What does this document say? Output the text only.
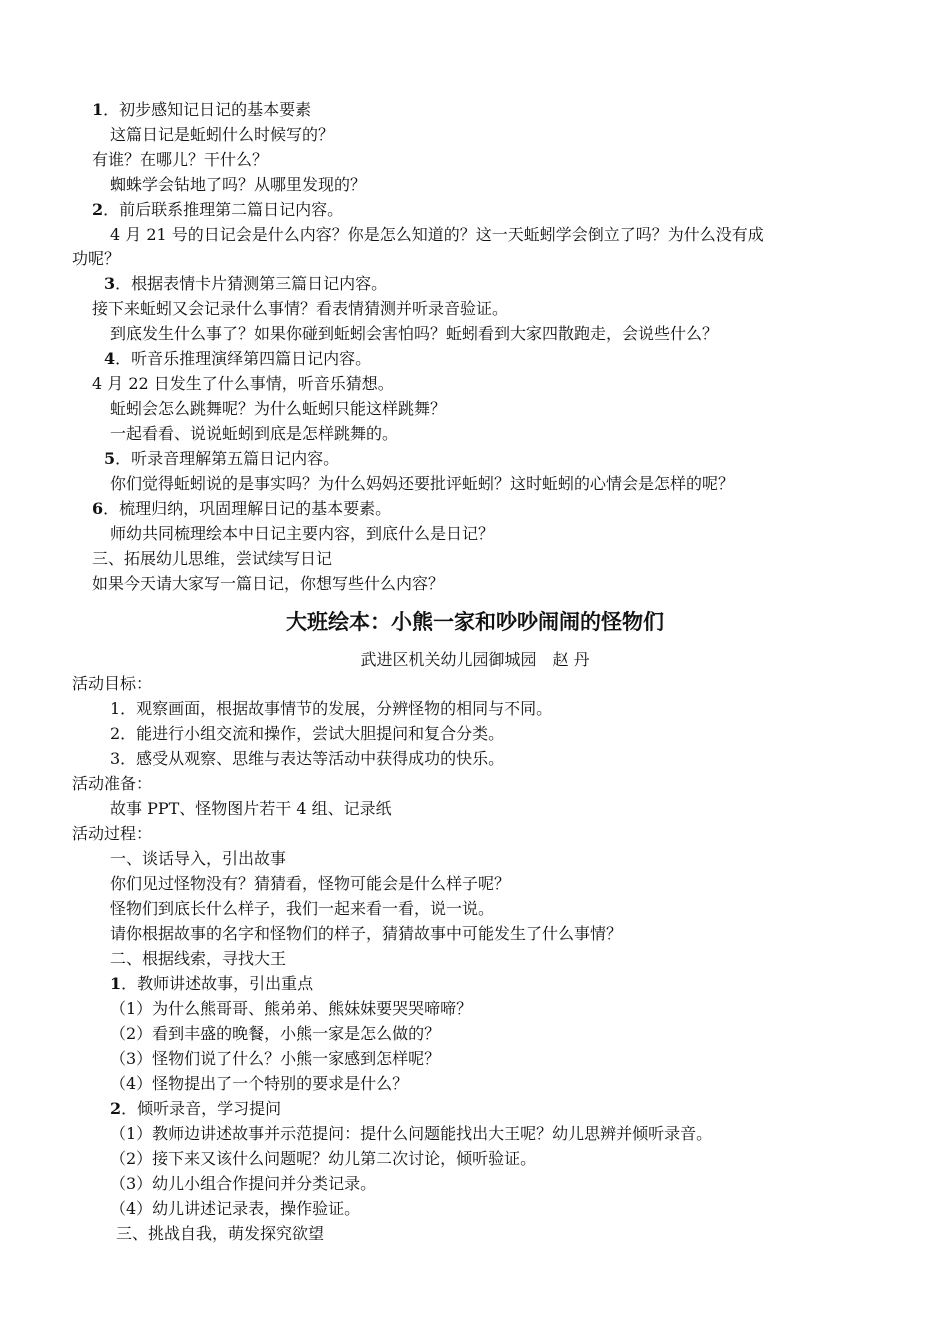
1．初步感知记日记的基本要素
这篇日记是蚯蚓什么时候写的？
有谁？在哪儿？干什么？
蜘蛛学会钻地了吗？从哪里发现的？
2．前后联系推理第二篇日记内容。
4 月 21 号的日记会是什么内容？你是怎么知道的？这一天蚯蚓学会倒立了吗？为什么没有成
功呢？
3．根据表情卡片猜测第三篇日记内容。
接下来蚯蚓又会记录什么事情？看表情猜测并听录音验证。
到底发生什么事了？如果你碰到蚯蚓会害怕吗？蚯蚓看到大家四散跑走，会说些什么？
4．听音乐推理演绎第四篇日记内容。
4 月 22 日发生了什么事情，听音乐猜想。
蚯蚓会怎么跳舞呢？为什么蚯蚓只能这样跳舞？
一起看看、说说蚯蚓到底是怎样跳舞的。
5．听录音理解第五篇日记内容。
你们觉得蚯蚓说的是事实吗？为什么妈妈还要批评蚯蚓？这时蚯蚓的心情会是怎样的呢？
6．梳理归纳，巩固理解日记的基本要素。
师幼共同梳理绘本中日记主要内容，到底什么是日记？
三、拓展幼儿思维，尝试续写日记
如果今天请大家写一篇日记，你想写些什么内容？
大班绘本：小熊一家和吵吵闹闹的怪物们
武进区机关幼儿园御城园　赵 丹
活动目标：
1．观察画面，根据故事情节的发展，分辨怪物的相同与不同。
2．能进行小组交流和操作，尝试大胆提问和复合分类。
3．感受从观察、思维与表达等活动中获得成功的快乐。
活动准备：
故事 PPT、怪物图片若干 4 组、记录纸
活动过程：
一、谈话导入，引出故事
你们见过怪物没有？猜猜看，怪物可能会是什么样子呢？
怪物们到底长什么样子，我们一起来看一看，说一说。
请你根据故事的名字和怪物们的样子，猜猜故事中可能发生了什么事情？
二、根据线索，寻找大王
1．教师讲述故事，引出重点
（1）为什么熊哥哥、熊弟弟、熊妹妹要哭哭啼啼？
（2）看到丰盛的晚餐，小熊一家是怎么做的？
（3）怪物们说了什么？小熊一家感到怎样呢？
（4）怪物提出了一个特别的要求是什么？
2．倾听录音，学习提问
（1）教师边讲述故事并示范提问：提什么问题能找出大王呢？幼儿思辨并倾听录音。
（2）接下来又该什么问题呢？幼儿第二次讨论，倾听验证。
（3）幼儿小组合作提问并分类记录。
（4）幼儿讲述记录表，操作验证。
三、挑战自我，萌发探究欲望
